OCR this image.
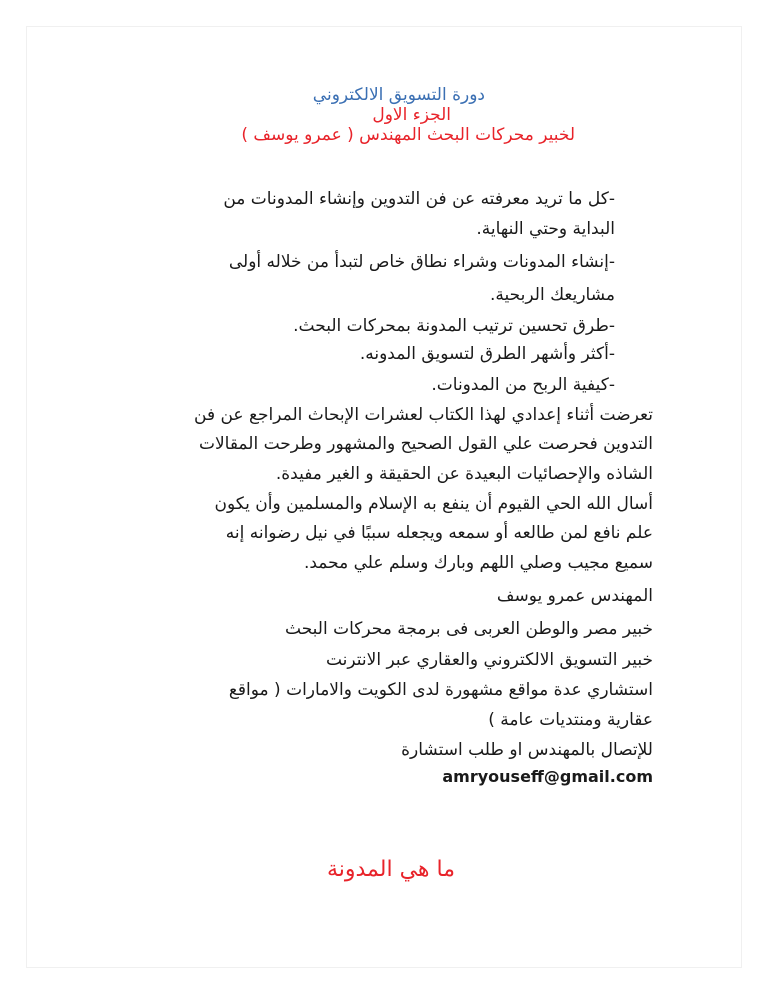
دورة التسويق الالكتروني
الجزء الاول
لخبير محركات البحث المهندس ( عمرو يوسف )
-كل ما تريد معرفته عن فن التدوين وإنشاء المدونات من
البداية وحتي النهاية.
-إنشاء المدونات وشراء نطاق خاص لتبدأ من خلاله أولى
مشاريعك الربحية.
-طرق تحسين ترتيب المدونة بمحركات البحث.
-أكثر وأشهر الطرق لتسويق المدونه.
-كيفية الربح من المدونات.
تعرضت أثناء إعدادي لهذا الكتاب لعشرات الإبحاث المراجع عن فن
التدوين فحرصت علي القول الصحيح والمشهور وطرحت المقالات
الشاذه والإحصائيات البعيدة عن الحقيقة و الغير مفيدة.
أسال الله الحي القيوم أن ينفع به الإسلام والمسلمين وأن يكون
علم نافع لمن طالعه أو سمعه ويجعله سببًا في نيل رضوانه إنه
سميع مجيب وصلي اللهم وبارك وسلم علي محمد.
المهندس عمرو يوسف
خبير مصر والوطن العربى فى برمجة محركات البحث
خبير التسويق الالكتروني والعقاري عبر الانترنت
استشاري عدة مواقع مشهورة لدى الكويت والامارات ( مواقع
عقارية ومنتديات عامة )
للإتصال بالمهندس او طلب استشارة
amryouseff@gmail.com
ما هي المدونة
